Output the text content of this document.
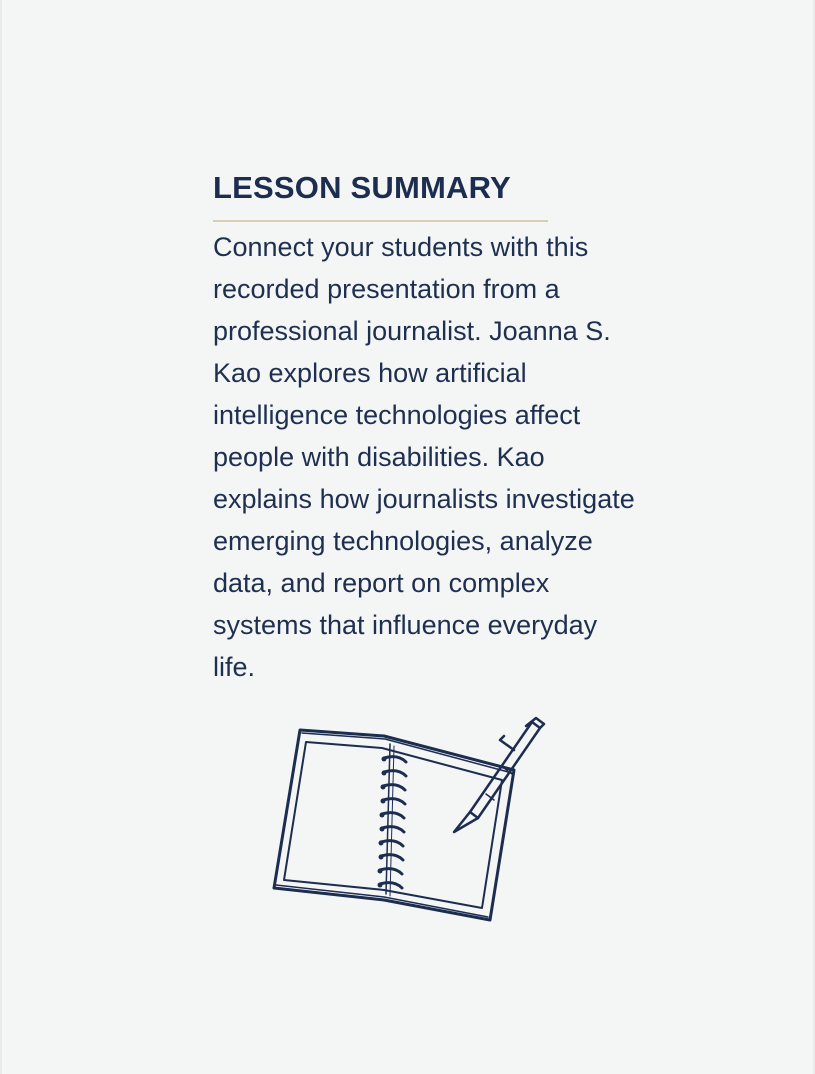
LESSON SUMMARY

Connect your students with this recorded presentation from a professional journalist. Joanna S. Kao explores how artificial intelligence technologies affect people with disabilities. Kao explains how journalists investigate emerging technologies, analyze data, and report on complex systems that influence everyday life.
